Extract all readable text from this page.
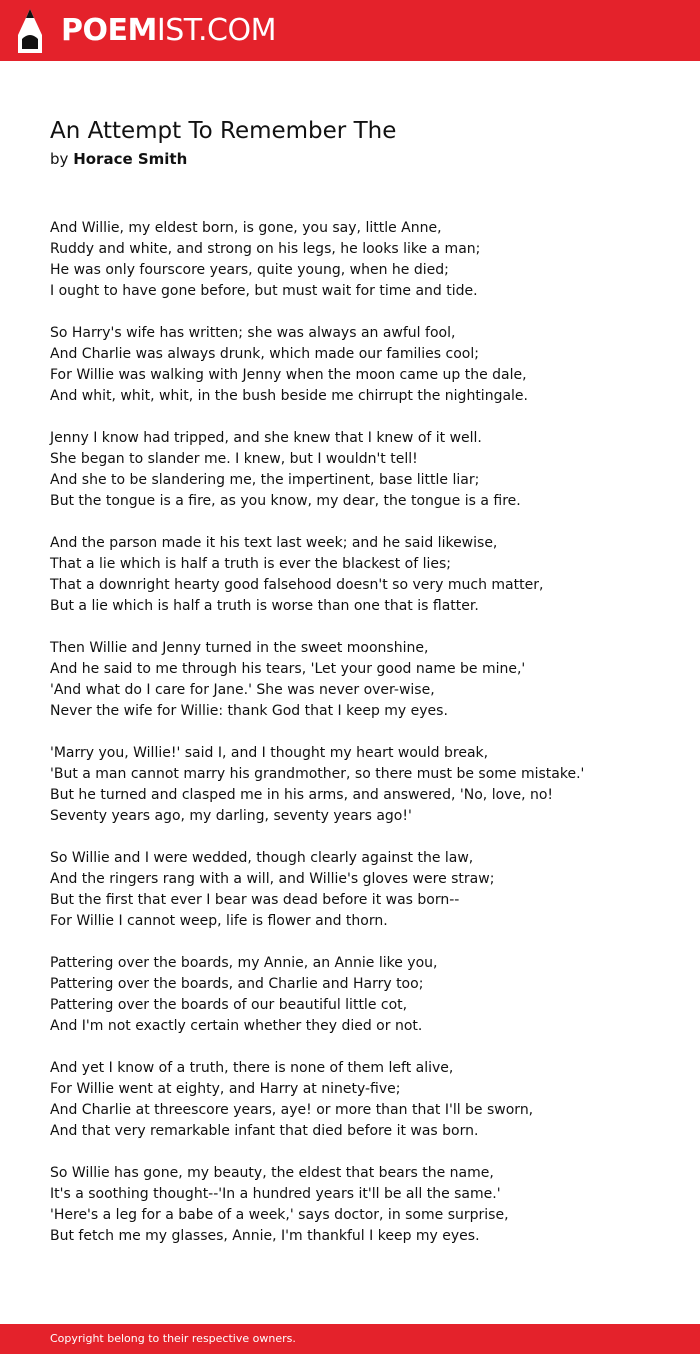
POEMIST.COM
An Attempt To Remember The
by Horace Smith
And Willie, my eldest born, is gone, you say, little Anne,
Ruddy and white, and strong on his legs, he looks like a man;
He was only fourscore years, quite young, when he died;
I ought to have gone before, but must wait for time and tide.
So Harry's wife has written; she was always an awful fool,
And Charlie was always drunk, which made our families cool;
For Willie was walking with Jenny when the moon came up the dale,
And whit, whit, whit, in the bush beside me chirrupt the nightingale.
Jenny I know had tripped, and she knew that I knew of it well.
She began to slander me. I knew, but I wouldn't tell!
And she to be slandering me, the impertinent, base little liar;
But the tongue is a fire, as you know, my dear, the tongue is a fire.
And the parson made it his text last week; and he said likewise,
That a lie which is half a truth is ever the blackest of lies;
That a downright hearty good falsehood doesn't so very much matter,
But a lie which is half a truth is worse than one that is flatter.
Then Willie and Jenny turned in the sweet moonshine,
And he said to me through his tears, 'Let your good name be mine,'
'And what do I care for Jane.' She was never over-wise,
Never the wife for Willie: thank God that I keep my eyes.
'Marry you, Willie!' said I, and I thought my heart would break,
'But a man cannot marry his grandmother, so there must be some mistake.'
But he turned and clasped me in his arms, and answered, 'No, love, no!
Seventy years ago, my darling, seventy years ago!'
So Willie and I were wedded, though clearly against the law,
And the ringers rang with a will, and Willie's gloves were straw;
But the first that ever I bear was dead before it was born--
For Willie I cannot weep, life is flower and thorn.
Pattering over the boards, my Annie, an Annie like you,
Pattering over the boards, and Charlie and Harry too;
Pattering over the boards of our beautiful little cot,
And I'm not exactly certain whether they died or not.
And yet I know of a truth, there is none of them left alive,
For Willie went at eighty, and Harry at ninety-five;
And Charlie at threescore years, aye! or more than that I'll be sworn,
And that very remarkable infant that died before it was born.
So Willie has gone, my beauty, the eldest that bears the name,
It's a soothing thought--'In a hundred years it'll be all the same.'
'Here's a leg for a babe of a week,' says doctor, in some surprise,
But fetch me my glasses, Annie, I'm thankful I keep my eyes.
Copyright belong to their respective owners.
